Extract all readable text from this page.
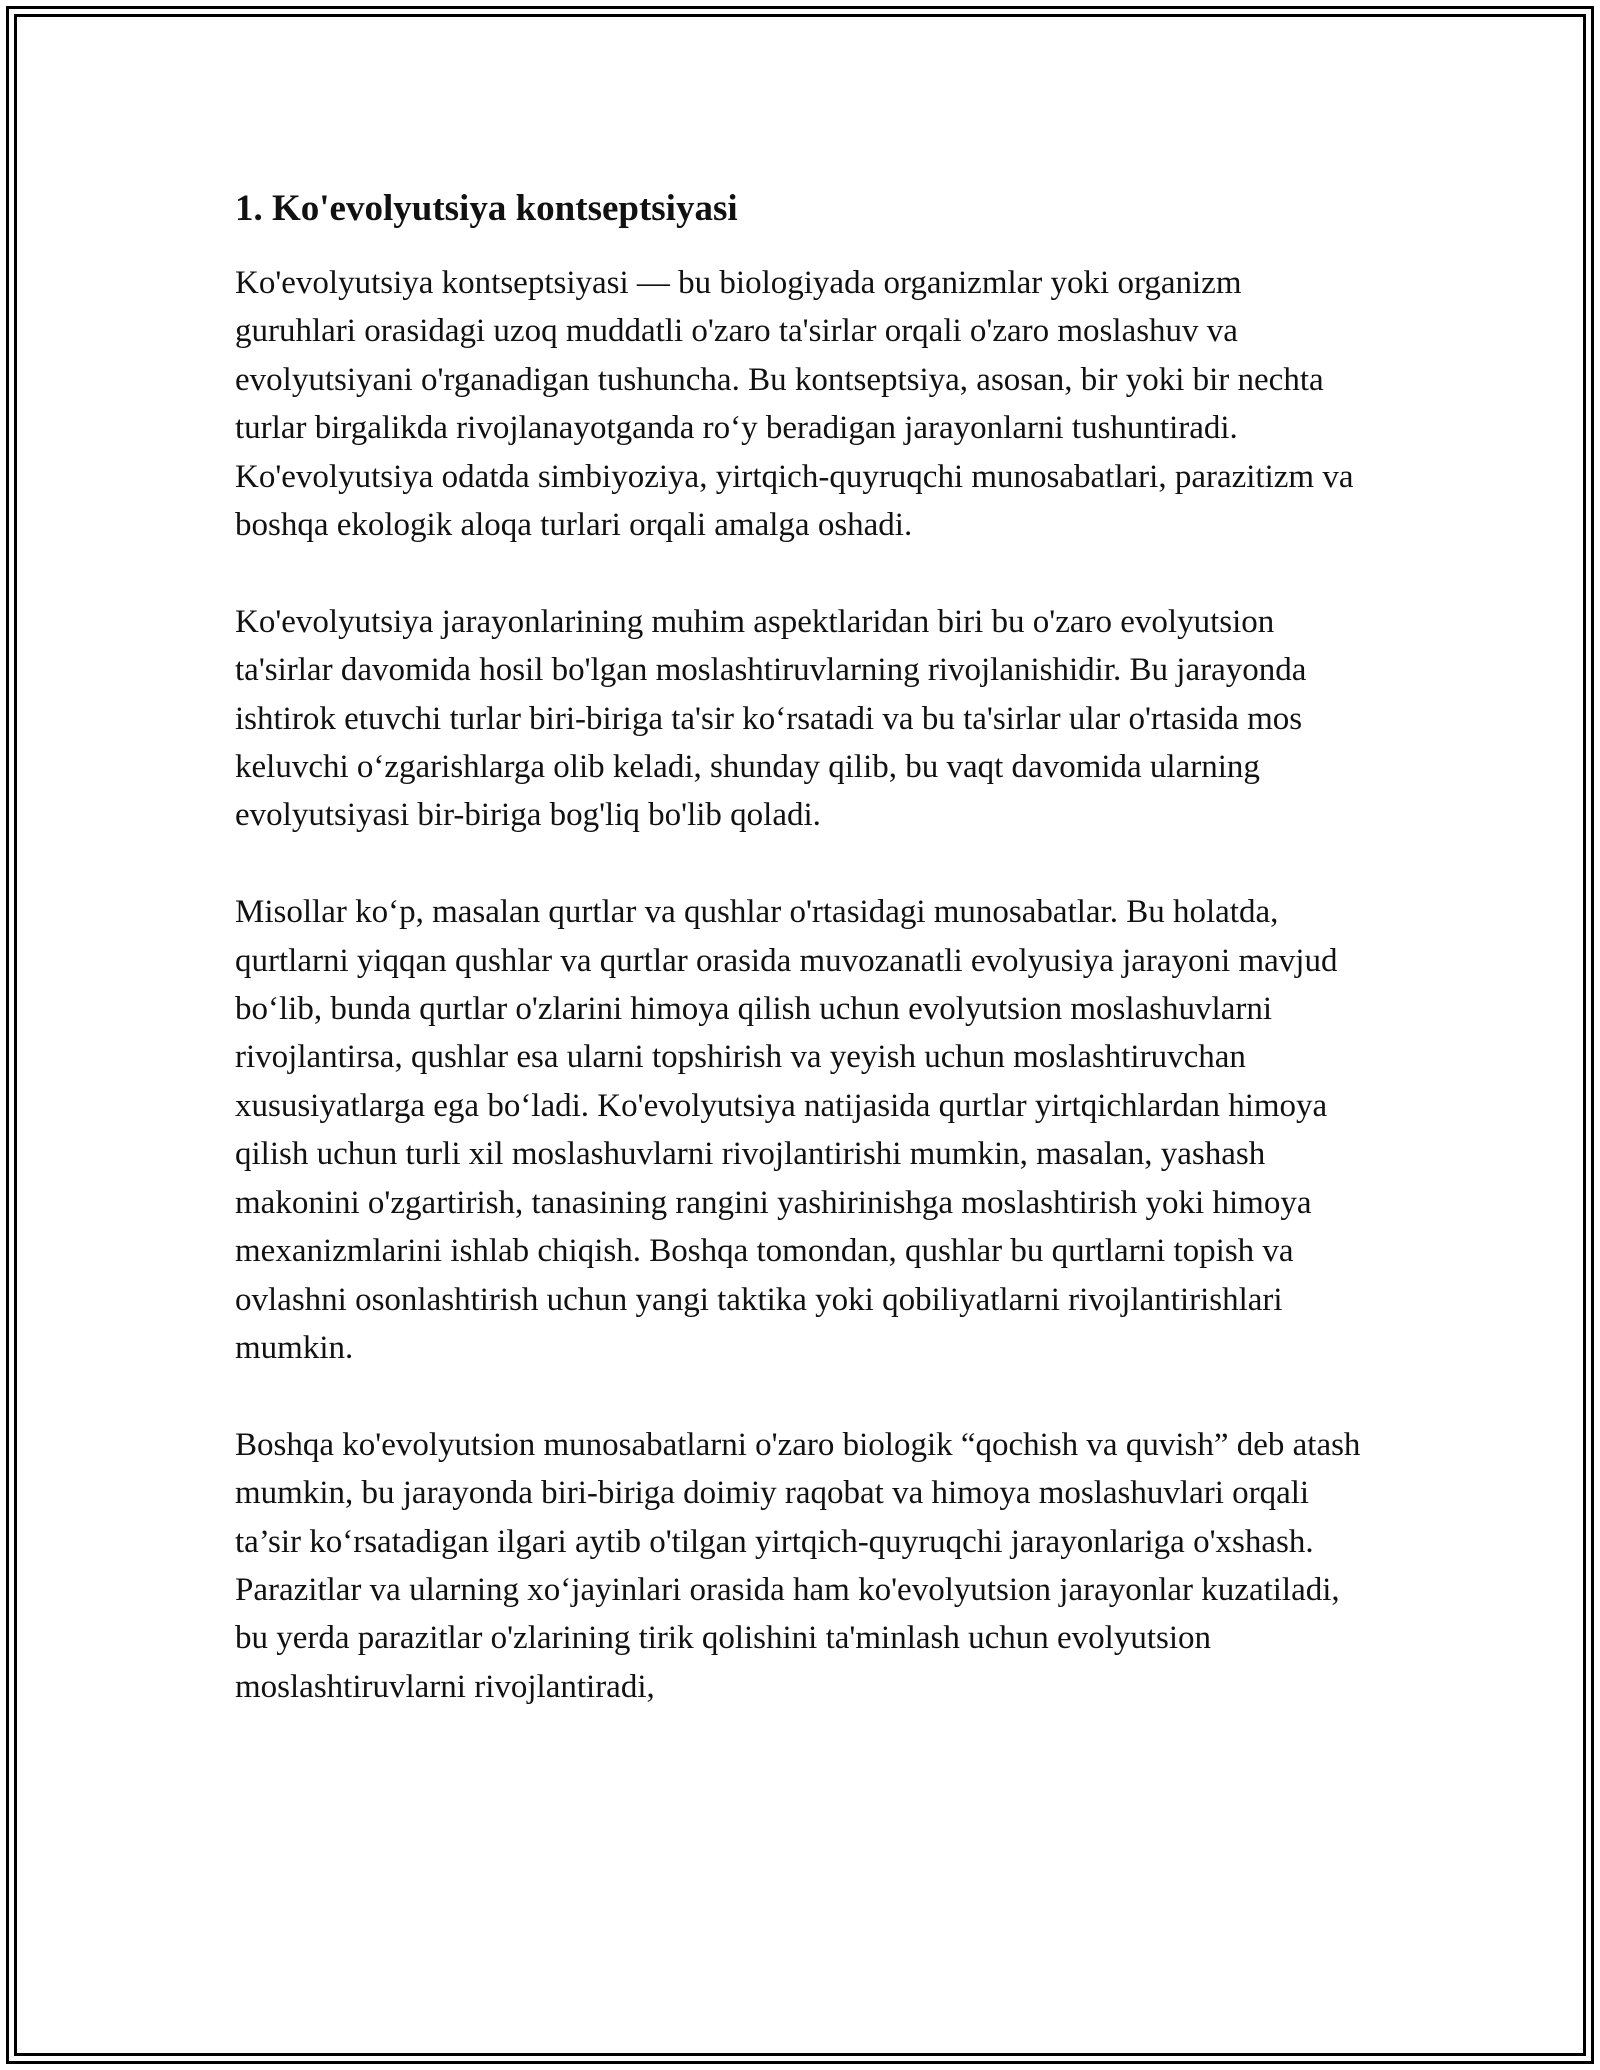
1. Ko'evolyutsiya kontseptsiyasi

Ko'evolyutsiya kontseptsiyasi — bu biologiyada organizmlar yoki organizm guruhlari orasidagi uzoq muddatli o'zaro ta'sirlar orqali o'zaro moslashuv va evolyutsiyani o'rganadigan tushuncha. Bu kontseptsiya, asosan, bir yoki bir nechta turlar birgalikda rivojlanayotganda ro‘y beradigan jarayonlarni tushuntiradi. Ko'evolyutsiya odatda simbiyoziya, yirtqich-quyruqchi munosabatlari, parazitizm va boshqa ekologik aloqa turlari orqali amalga oshadi.

Ko'evolyutsiya jarayonlarining muhim aspektlaridan biri bu o'zaro evolyutsion ta'sirlar davomida hosil bo'lgan moslashtiruvlarning rivojlanishidir. Bu jarayonda ishtirok etuvchi turlar biri-biriga ta'sir ko‘rsatadi va bu ta'sirlar ular o'rtasida mos keluvchi o‘zgarishlarga olib keladi, shunday qilib, bu vaqt davomida ularning evolyutsiyasi bir-biriga bog'liq bo'lib qoladi.

Misollar ko‘p, masalan qurtlar va qushlar o'rtasidagi munosabatlar. Bu holatda, qurtlarni yiqqan qushlar va qurtlar orasida muvozanatli evolyusiya jarayoni mavjud bo‘lib, bunda qurtlar o'zlarini himoya qilish uchun evolyutsion moslashuvlarni rivojlantirsa, qushlar esa ularni topshirish va yeyish uchun moslashtiruvchan xususiyatlarga ega bo‘ladi. Ko'evolyutsiya natijasida qurtlar yirtqichlardan himoya qilish uchun turli xil moslashuvlarni rivojlantirishi mumkin, masalan, yashash makonini o'zgartirish, tanasining rangini yashirinishga moslashtirish yoki himoya mexanizmlarini ishlab chiqish. Boshqa tomondan, qushlar bu qurtlarni topish va ovlashni osonlashtirish uchun yangi taktika yoki qobiliyatlarni rivojlantirishlari mumkin.

Boshqa ko'evolyutsion munosabatlarni o'zaro biologik “qochish va quvish” deb atash mumkin, bu jarayonda biri-biriga doimiy raqobat va himoya moslashuvlari orqali ta’sir ko‘rsatadigan ilgari aytib o'tilgan yirtqich-quyruqchi jarayonlariga o'xshash. Parazitlar va ularning xo‘jayinlari orasida ham ko'evolyutsion jarayonlar kuzatiladi, bu yerda parazitlar o'zlarining tirik qolishini ta'minlash uchun evolyutsion moslashtiruvlarni rivojlantiradi,
